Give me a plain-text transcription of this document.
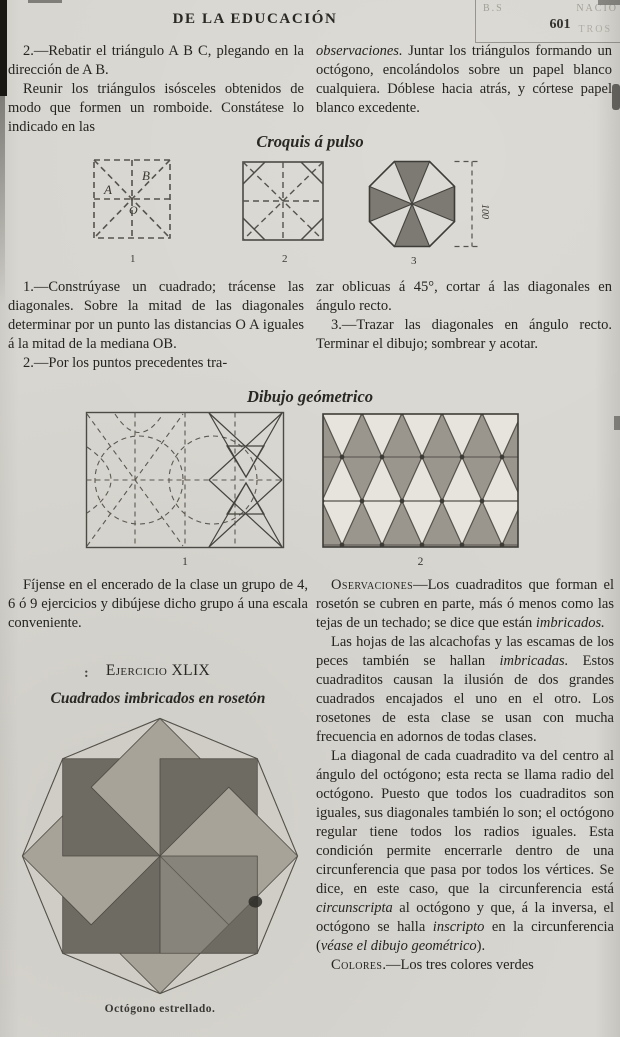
DE LA EDUCACIÓN	601
B.S	NACIO
TROS

2.—Rebatir el triángulo A B C, plegando en la dirección de A B.

Reunir los triángulos isósceles obtenidos de modo que formen un romboide. Constátese lo indicado en las

observaciones. Juntar los triángulos formando un octógono, encolándolos sobre un papel blanco cualquiera. Dóblese hacia atrás, y córtese papel blanco excedente.

Croquis á pulso
A
B
O
1	2
100
3

1.—Constrúyase un cuadrado; trácense las diagonales. Sobre la mitad de las diagonales determinar por un punto las distancias O A iguales á la mitad de la mediana OB.

2.—Por los puntos precedentes tra-

zar oblicuas á 45°, cortar á las diagonales en ángulo recto.

3.—Trazar las diagonales en ángulo recto. Terminar el dibujo; sombrear y acotar.

Dibujo geómetrico
1	2

Fíjense en el encerado de la clase un grupo de 4, 6 ó 9 ejercicios y dibújese dicho grupo á una escala conveniente.

:	Ejercicio XLIX
Cuadrados imbricados en rosetón
Octógono estrellado.

Oservaciones—Los cuadraditos que forman el rosetón se cubren en parte, más ó menos como las tejas de un techado; se dice que están imbricados.

Las hojas de las alcachofas y las escamas de los peces también se hallan imbricadas. Estos cuadraditos causan la ilusión de dos grandes cuadrados encajados el uno en el otro. Los rosetones de esta clase se usan con mucha frecuencia en adornos de todas clases.

La diagonal de cada cuadradito va del centro al ángulo del octógono; esta recta se llama radio del octógono. Puesto que todos los cuadraditos son iguales, sus diagonales también lo son; el octógono regular tiene todos los radios iguales. Esta condición permite encerrarle dentro de una circunferencia que pasa por todos los vértices. Se dice, en este caso, que la circunferencia está circunscripta al octógono y que, á la inversa, el octógono se halla inscripto en la circunferencia (véase el dibujo geométrico).

Colores.—Los tres colores verdes
